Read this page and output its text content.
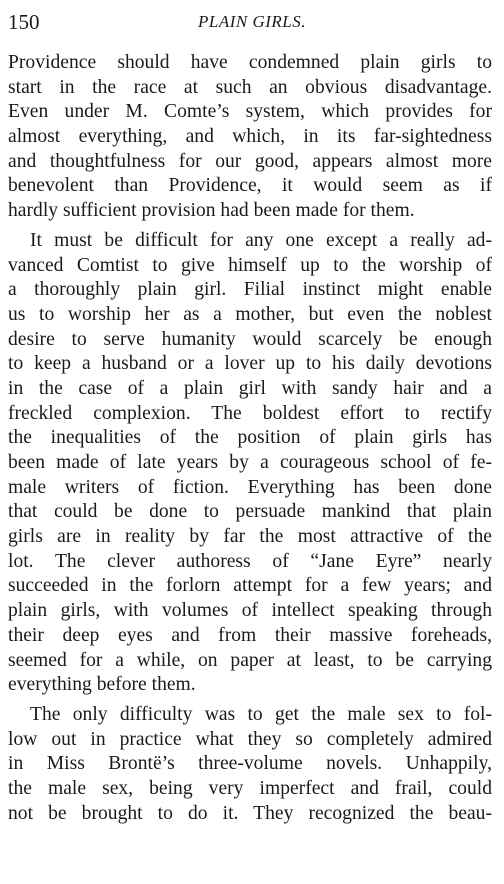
150	PLAIN GIRLS.
Providence should have condemned plain girls to
start in the race at such an obvious disadvantage.
Even under M. Comte’s system, which provides for
almost everything, and which, in its far-sightedness
and thoughtfulness for our good, appears almost more
benevolent than Providence, it would seem as if
hardly sufficient provision had been made for them.
It must be difficult for any one except a really ad-
vanced Comtist to give himself up to the worship of
a thoroughly plain girl. Filial instinct might enable
us to worship her as a mother, but even the noblest
desire to serve humanity would scarcely be enough
to keep a husband or a lover up to his daily devotions
in the case of a plain girl with sandy hair and a
freckled complexion. The boldest effort to rectify
the inequalities of the position of plain girls has
been made of late years by a courageous school of fe-
male writers of fiction. Everything has been done
that could be done to persuade mankind that plain
girls are in reality by far the most attractive of the
lot. The clever authoress of “Jane Eyre” nearly
succeeded in the forlorn attempt for a few years; and
plain girls, with volumes of intellect speaking through
their deep eyes and from their massive foreheads,
seemed for a while, on paper at least, to be carrying
everything before them.
The only difficulty was to get the male sex to fol-
low out in practice what they so completely admired
in Miss Brontë’s three-volume novels. Unhappily,
the male sex, being very imperfect and frail, could
not be brought to do it. They recognized the beau-
